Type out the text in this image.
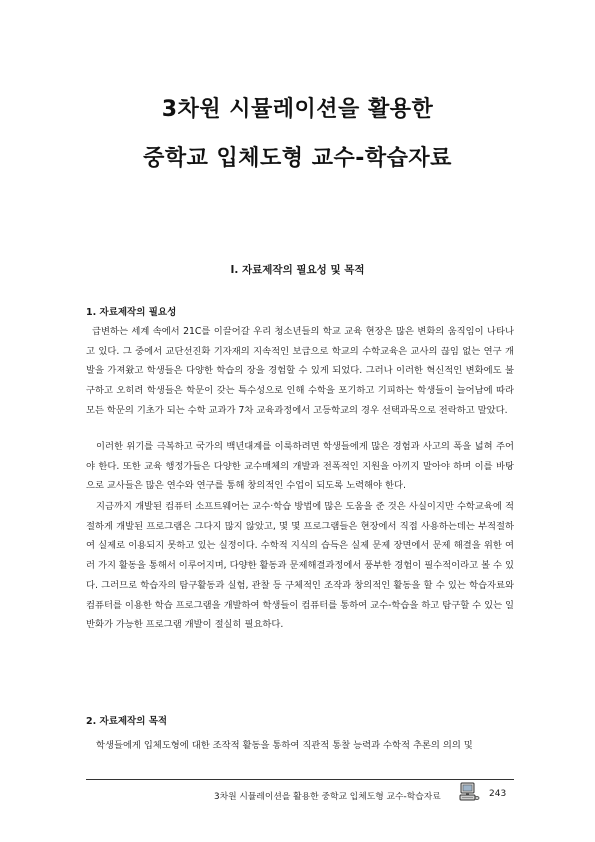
3차원 시뮬레이션을 활용한
중학교 입체도형 교수-학습자료
Ⅰ. 자료제작의 필요성 및 목적
1. 자료제작의 필요성

급변하는 세계 속에서 21C를 이끌어갈 우리 청소년들의 학교 교육 현장은 많은 변화의 움직임이 나타나고 있다. 그 중에서 교단선진화 기자재의 지속적인 보급으로 학교의 수학교육은 교사의 끊임 없는 연구 개발을 가져왔고 학생들은 다양한 학습의 장을 경험할 수 있게 되었다. 그러나 이러한 혁신적인 변화에도 불구하고 오히려 학생들은 학문이 갖는 특수성으로 인해 수학을 포기하고 기피하는 학생들이 늘어남에 따라 모든 학문의 기초가 되는 수학 교과가 7차 교육과정에서 고등학교의 경우 선택과목으로 전락하고 말았다.

이러한 위기를 극복하고 국가의 백년대계를 이룩하려면 학생들에게 많은 경험과 사고의 폭을 넓혀 주어야 한다. 또한 교육 행정가들은 다양한 교수매체의 개발과 전폭적인 지원을 아끼지 말아야 하며 이를 바탕으로 교사들은 많은 연수와 연구를 통해 창의적인 수업이 되도록 노력해야 한다.

지금까지 개발된 컴퓨터 소프트웨어는 교수·학습 방법에 많은 도움을 준 것은 사실이지만 수학교육에 적절하게 개발된 프로그램은 그다지 많지 않았고, 몇 몇 프로그램들은 현장에서 직접 사용하는데는 부적절하여 실제로 이용되지 못하고 있는 실정이다. 수학적 지식의 습득은 실제 문제 장면에서 문제 해결을 위한 여러 가지 활동을 통해서 이루어지며, 다양한 활동과 문제해결과정에서 풍부한 경험이 필수적이라고 볼 수 있다. 그러므로 학습자의 탐구활동과 실험, 관찰 등 구체적인 조작과 창의적인 활동을 할 수 있는 학습자료와 컴퓨터를 이용한 학습 프로그램을 개발하여 학생들이 컴퓨터를 통하여 교수-학습을 하고 탐구할 수 있는 일반화가 가능한 프로그램 개발이 절실히 필요하다.

2. 자료제작의 목적

학생들에게 입체도형에 대한 조작적 활동을 통하여 직관적 통찰 능력과 수학적 추론의 의의 및

3차원 시뮬레이션을 활용한 중학교 입체도형 교수-학습자료	243
